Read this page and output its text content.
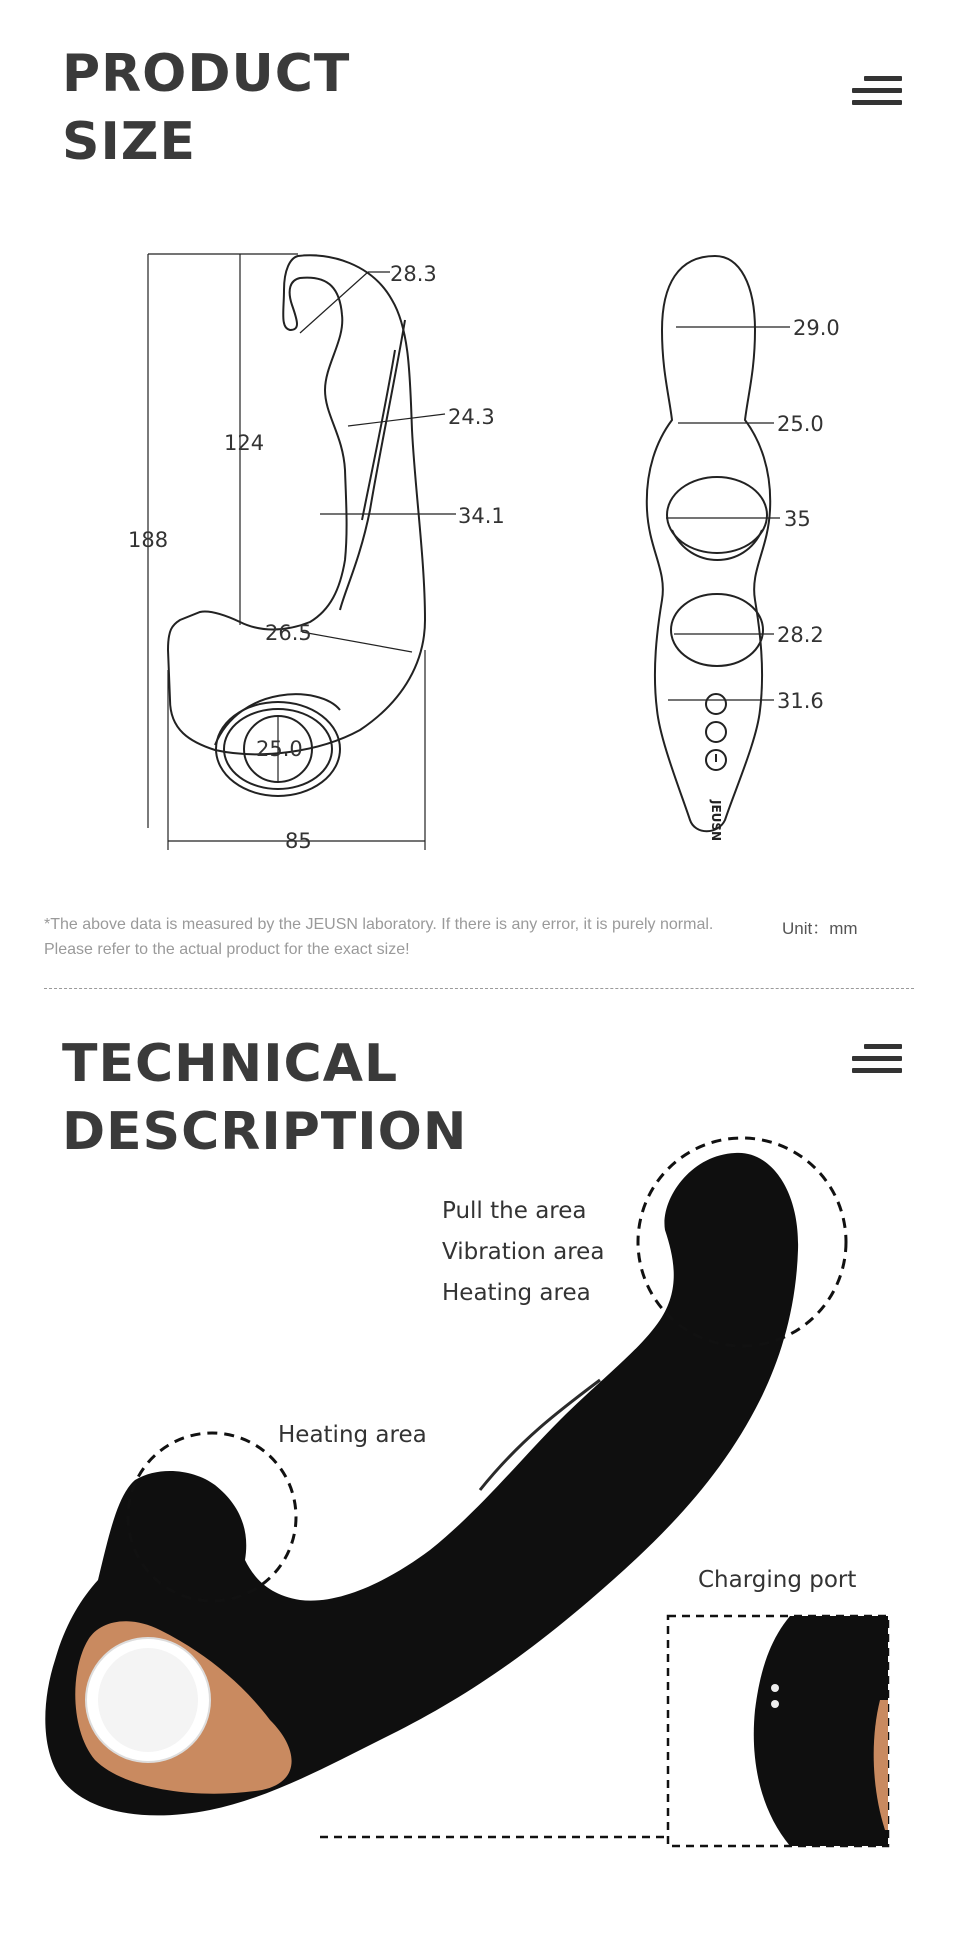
PRODUCT
SIZE
28.3
24.3
34.1
26.5
124
188
25.0
85
29.0
25.0
35
28.2
31.6
JEUSN
*The above data is measured by the JEUSN laboratory. If there is any error, it is purely normal. Please refer to the actual product for the exact size!
Unit：mm
TECHNICAL
DESCRIPTION
Pull the area
Vibration area
Heating area
Heating area
Charging port
